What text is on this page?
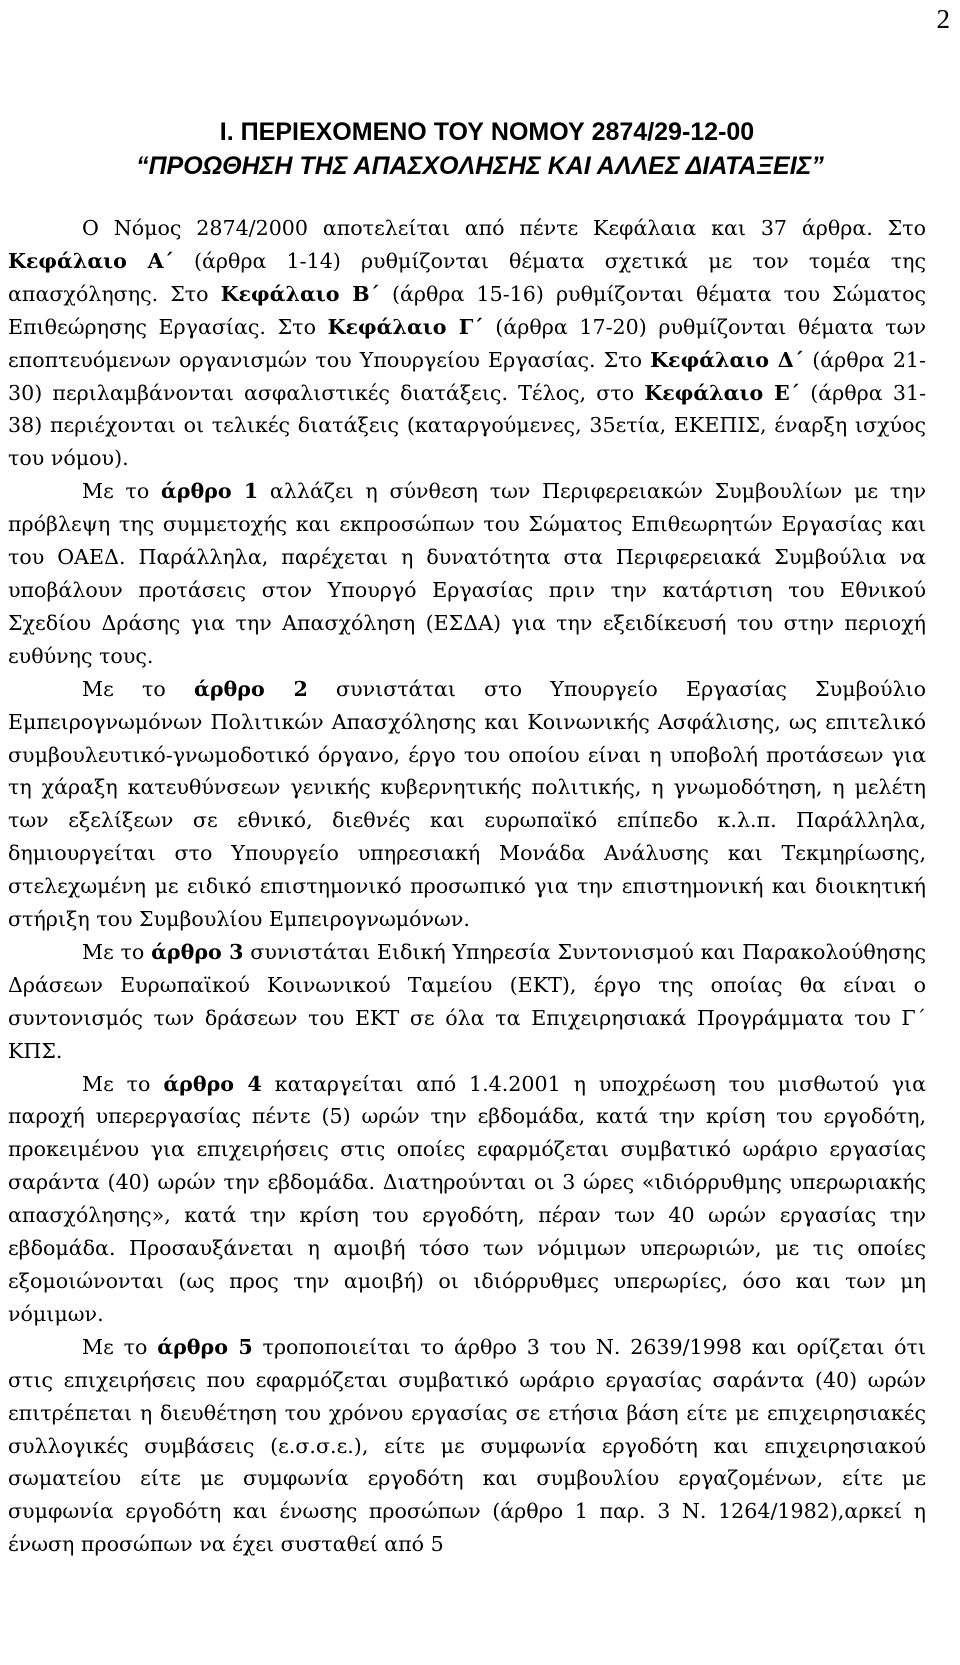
2
Ι. ΠΕΡΙΕΧΟΜΕΝΟ ΤΟΥ ΝΟΜΟΥ 2874/29-12-00
“ΠΡΟΩΘΗΣΗ ΤΗΣ ΑΠΑΣΧΟΛΗΣΗΣ ΚΑΙ ΑΛΛΕΣ ΔΙΑΤΑΞΕΙΣ”

Ο Νόμος 2874/2000 αποτελείται από πέντε Κεφάλαια και 37 άρθρα. Στο Κεφάλαιο Α΄ (άρθρα 1-14) ρυθμίζονται θέματα σχετικά με τον τομέα της απασχόλησης. Στο Κεφάλαιο Β΄ (άρθρα 15-16) ρυθμίζονται θέματα του Σώματος Επιθεώρησης Εργασίας. Στο Κεφάλαιο Γ΄ (άρθρα 17-20) ρυθμίζονται θέματα των εποπτευόμενων οργανισμών του Υπουργείου Εργασίας. Στο Κεφάλαιο Δ΄ (άρθρα 21-30) περιλαμβάνονται ασφαλιστικές διατάξεις. Τέλος, στο Κεφάλαιο Ε΄ (άρθρα 31-38) περιέχονται οι τελικές διατάξεις (καταργούμενες, 35ετία, ΕΚΕΠΙΣ, έναρξη ισχύος του νόμου).

Με το άρθρο 1 αλλάζει η σύνθεση των Περιφερειακών Συμβουλίων με την πρόβλεψη της συμμετοχής και εκπροσώπων του Σώματος Επιθεωρητών Εργασίας και του ΟΑΕΔ. Παράλληλα, παρέχεται η δυνατότητα στα Περιφερειακά Συμβούλια να υποβάλουν προτάσεις στον Υπουργό Εργασίας πριν την κατάρτιση του Εθνικού Σχεδίου Δράσης για την Απασχόληση (ΕΣΔΑ) για την εξειδίκευσή του στην περιοχή ευθύνης τους.

Με το άρθρο 2 συνιστάται στο Υπουργείο Εργασίας Συμβούλιο Εμπειρογνωμόνων Πολιτικών Απασχόλησης και Κοινωνικής Ασφάλισης, ως επιτελικό συμβουλευτικό-γνωμοδοτικό όργανο, έργο του οποίου είναι η υποβολή προτάσεων για τη χάραξη κατευθύνσεων γενικής κυβερνητικής πολιτικής, η γνωμοδότηση, η μελέτη των εξελίξεων σε εθνικό, διεθνές και ευρωπαϊκό επίπεδο κ.λ.π. Παράλληλα, δημιουργείται στο Υπουργείο υπηρεσιακή Μονάδα Ανάλυσης και Τεκμηρίωσης, στελεχωμένη με ειδικό επιστημονικό προσωπικό για την επιστημονική και διοικητική στήριξη του Συμβουλίου Εμπειρογνωμόνων.

Με το άρθρο 3 συνιστάται Ειδική Υπηρεσία Συντονισμού και Παρακολούθησης Δράσεων Ευρωπαϊκού Κοινωνικού Ταμείου (ΕΚΤ), έργο της οποίας θα είναι ο συντονισμός των δράσεων του ΕΚΤ σε όλα τα Επιχειρησιακά Προγράμματα του Γ΄ ΚΠΣ.

Με το άρθρο 4 καταργείται από 1.4.2001 η υποχρέωση του μισθωτού για παροχή υπερεργασίας πέντε (5) ωρών την εβδομάδα, κατά την κρίση του εργοδότη, προκειμένου για επιχειρήσεις στις οποίες εφαρμόζεται συμβατικό ωράριο εργασίας σαράντα (40) ωρών την εβδομάδα. Διατηρούνται οι 3 ώρες «ιδιόρρυθμης υπερωριακής απασχόλησης», κατά την κρίση του εργοδότη, πέραν των 40 ωρών εργασίας την εβδομάδα. Προσαυξάνεται η αμοιβή τόσο των νόμιμων υπερωριών, με τις οποίες εξομοιώνονται (ως προς την αμοιβή) οι ιδιόρρυθμες υπερωρίες, όσο και των μη νόμιμων.

Με το άρθρο 5 τροποποιείται το άρθρο 3 του Ν. 2639/1998 και ορίζεται ότι στις επιχειρήσεις που εφαρμόζεται συμβατικό ωράριο εργασίας σαράντα (40) ωρών επιτρέπεται η διευθέτηση του χρόνου εργασίας σε ετήσια βάση είτε με επιχειρησιακές συλλογικές συμβάσεις (ε.σ.σ.ε.), είτε με συμφωνία εργοδότη και επιχειρησιακού σωματείου είτε με συμφωνία εργοδότη και συμβουλίου εργαζομένων, είτε με συμφωνία εργοδότη και ένωσης προσώπων (άρθρο 1 παρ. 3 Ν. 1264/1982),αρκεί η ένωση προσώπων να έχει συσταθεί από 5
